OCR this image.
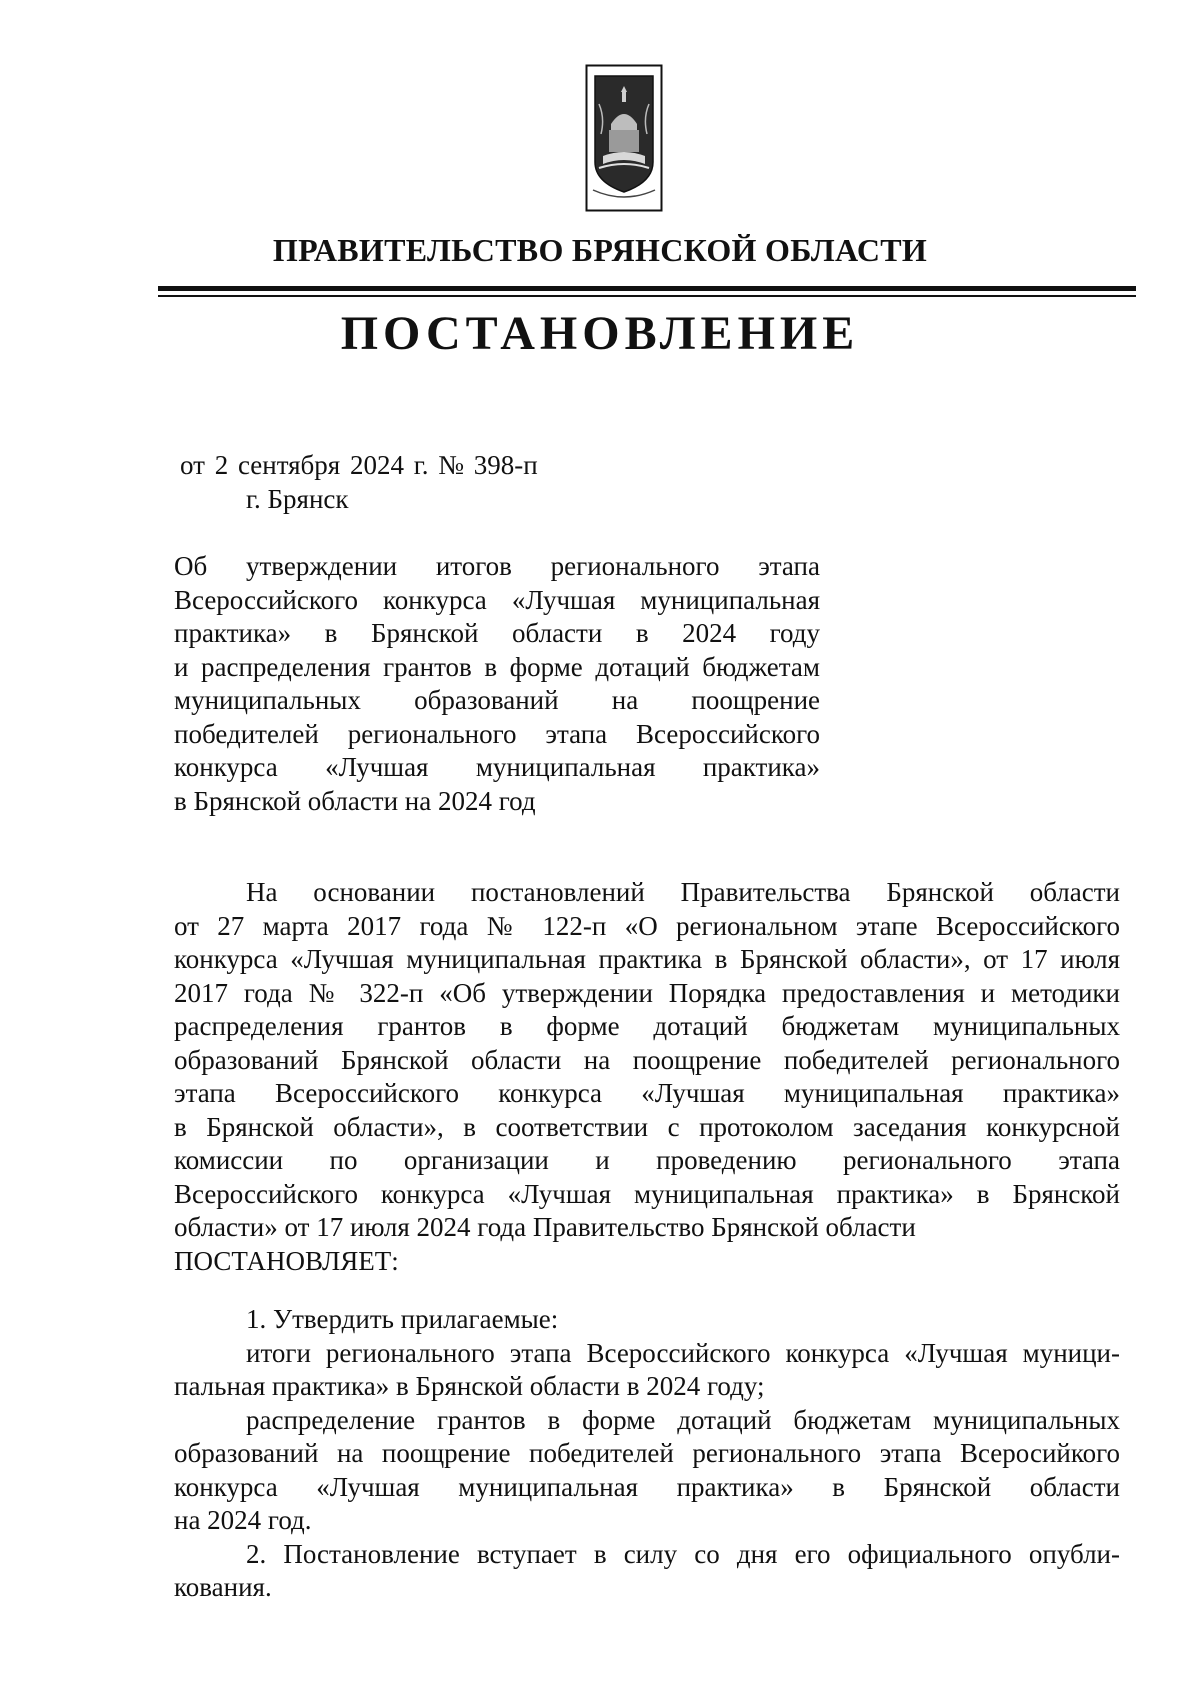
ПРАВИТЕЛЬСТВО БРЯНСКОЙ ОБЛАСТИ
ПОСТАНОВЛЕНИЕ
от 2 сентября 2024 г. № 398-п
г. Брянск
Об утверждении итогов регионального этапа
Всероссийского конкурса «Лучшая муниципальная
практика» в Брянской области в 2024 году
и распределения грантов в форме дотаций бюджетам
муниципальных образований на поощрение
победителей регионального этапа Всероссийского
конкурса «Лучшая муниципальная практика»
в Брянской области на 2024 год
На основании постановлений Правительства Брянской области
от 27 марта 2017 года № 122-п «О региональном этапе Всероссийского
конкурса «Лучшая муниципальная практика в Брянской области», от 17 июля
2017 года № 322-п «Об утверждении Порядка предоставления и методики
распределения грантов в форме дотаций бюджетам муниципальных
образований Брянской области на поощрение победителей регионального
этапа Всероссийского конкурса «Лучшая муниципальная практика»
в Брянской области», в соответствии с протоколом заседания конкурсной
комиссии по организации и проведению регионального этапа
Всероссийского конкурса «Лучшая муниципальная практика» в Брянской
области» от 17 июля 2024 года Правительство Брянской области
ПОСТАНОВЛЯЕТ:
1. Утвердить прилагаемые:
итоги регионального этапа Всероссийского конкурса «Лучшая муници-
пальная практика» в Брянской области в 2024 году;
распределение грантов в форме дотаций бюджетам муниципальных
образований на поощрение победителей регионального этапа Всеросийкого
конкурса «Лучшая муниципальная практика» в Брянской области
на 2024 год.
2. Постановление вступает в силу со дня его официального опубли-
кования.
